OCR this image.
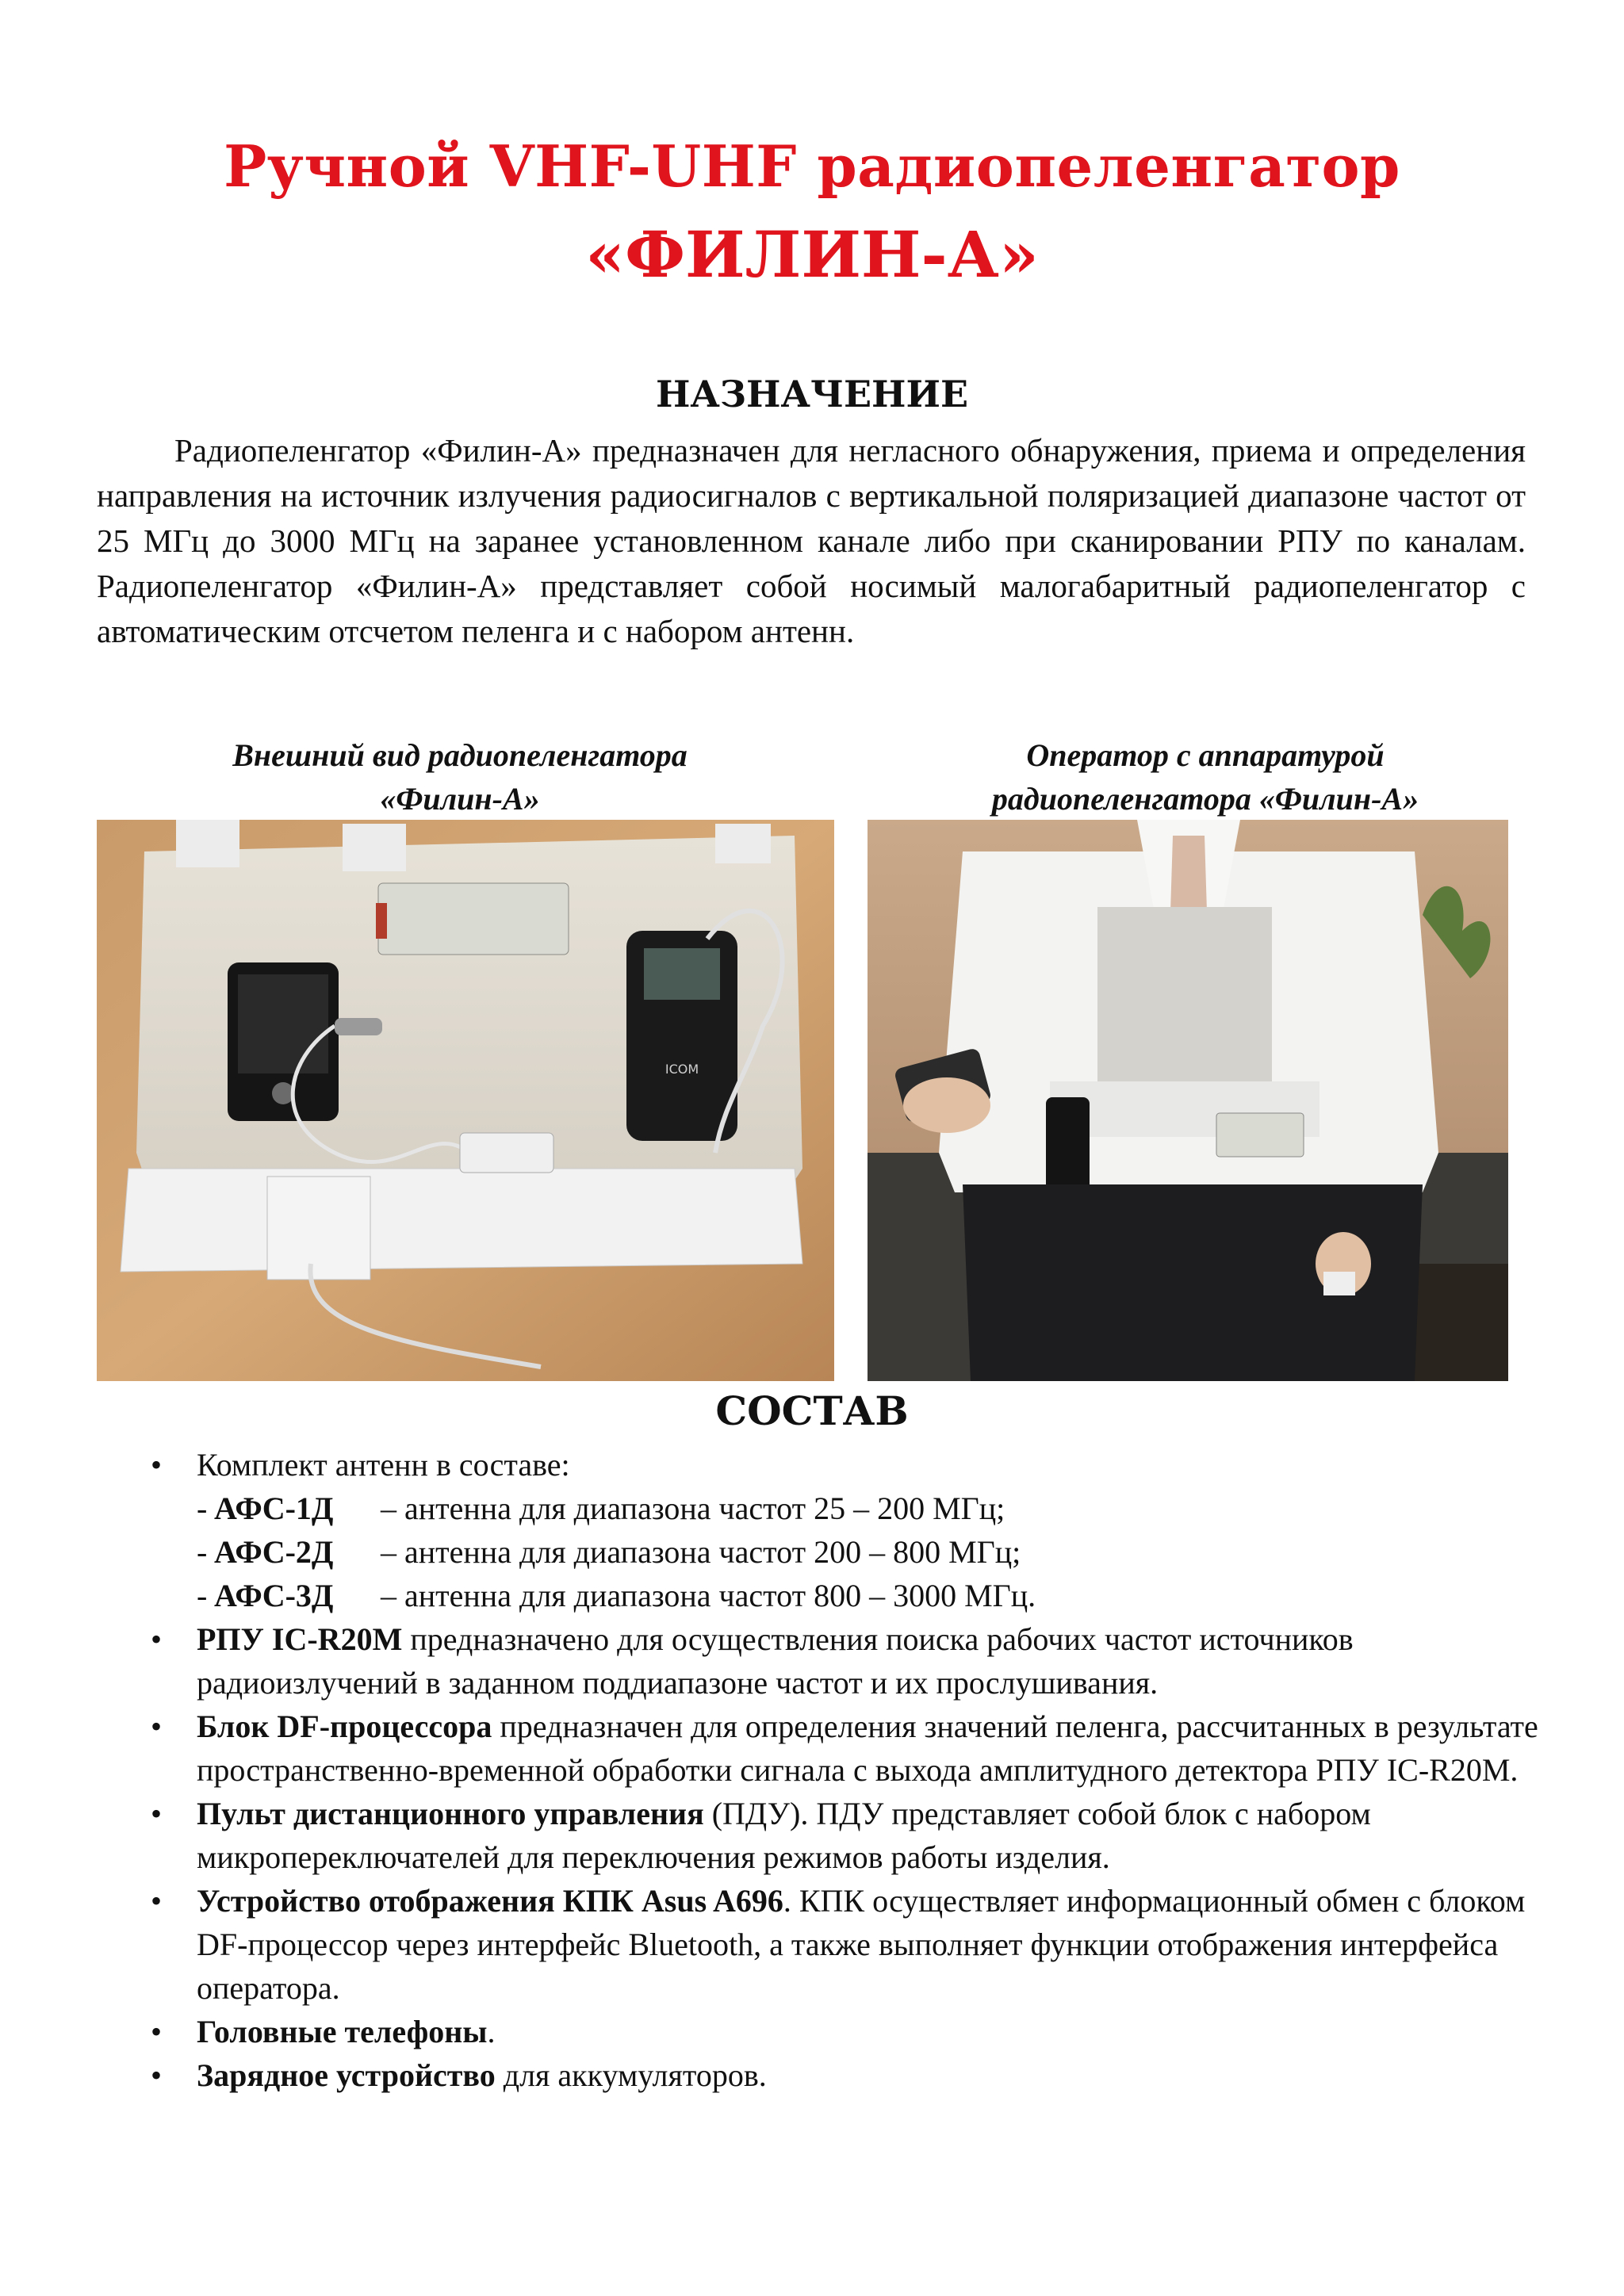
Ручной VHF-UHF радиопеленгатор
«ФИЛИН-А»
НАЗНАЧЕНИЕ
Радиопеленгатор «Филин-А» предназначен для негласного обнаружения, приема и определения направления на источник излучения радиосигналов с вертикальной поляризацией диапазоне частот от 25 МГц до 3000 МГц на заранее установленном канале либо при сканировании РПУ по каналам. Радиопеленгатор «Филин-А» представляет собой носимый малогабаритный радиопеленгатор с автоматическим отсчетом пеленга и с набором антенн.
Внешний вид радиопеленгатора
«Филин-А»
Оператор с аппаратурой
радиопеленгатора «Филин-А»
ICOM
СОСТАВ
• Комплект антенн в составе:
-АФС-1Д – антенна для диапазона частот 25 – 200 МГц;
-АФС-2Д – антенна для диапазона частот 200 – 800 МГц;
-АФС-3Д – антенна для диапазона частот 800 – 3000 МГц.
• РПУ IC-R20M предназначено для осуществления поиска рабочих частот источников радиоизлучений в заданном поддиапазоне частот и их прослушивания.
• Блок DF-процессора предназначен для определения значений пеленга, рассчитанных в результате пространственно-временной обработки сигнала с выхода амплитудного детектора РПУ IC-R20M.
• Пульт дистанционного управления (ПДУ). ПДУ представляет собой блок с набором микропереключателей для переключения режимов работы изделия.
• Устройство отображения КПК Asus A696. КПК осуществляет информационный обмен с блоком DF-процессор через интерфейс Bluetooth, а также выполняет функции отображения интерфейса оператора.
• Головные телефоны.
• Зарядное устройство для аккумуляторов.
